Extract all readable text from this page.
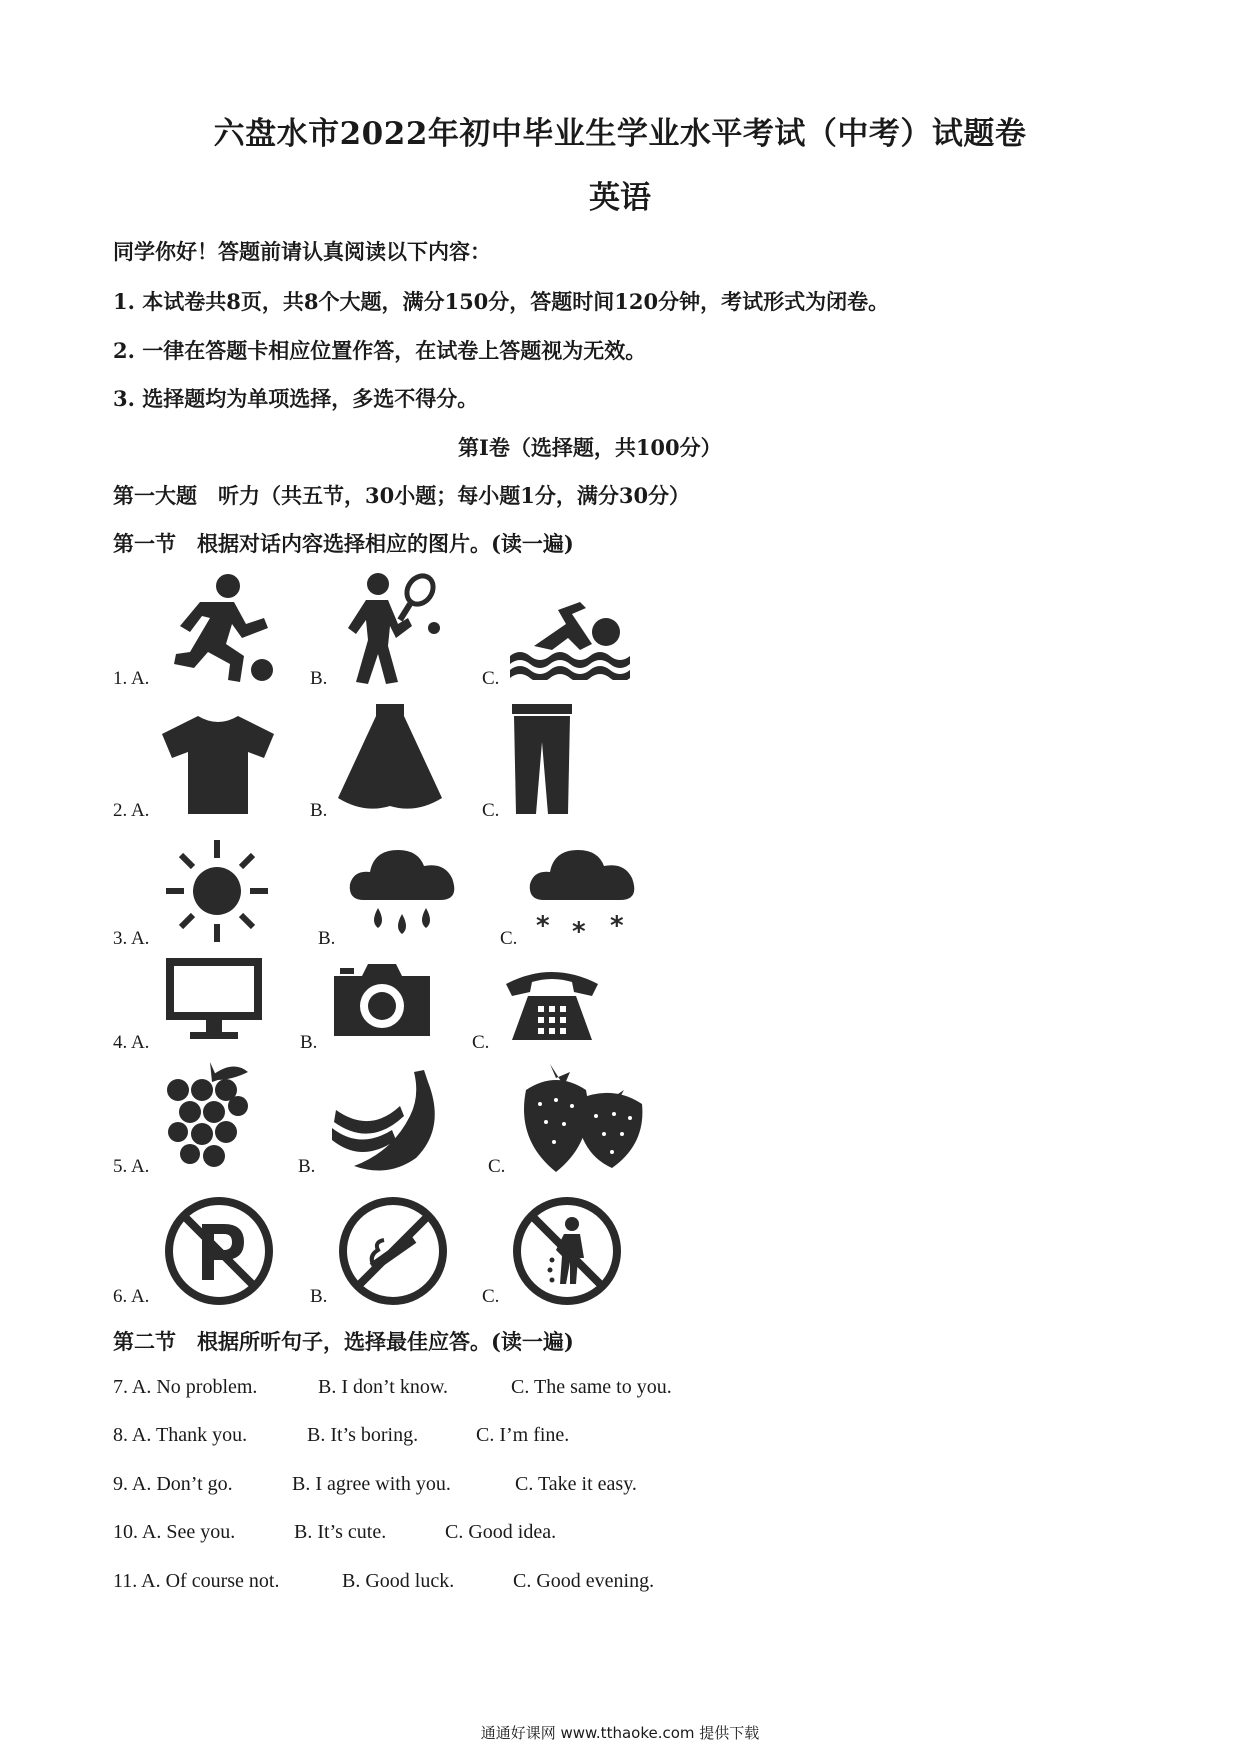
六盘水市2022年初中毕业生学业水平考试（中考）试题卷
英语
同学你好！答题前请认真阅读以下内容：
1. 本试卷共8页，共8个大题，满分150分，答题时间120分钟，考试形式为闭卷。
2. 一律在答题卡相应位置作答，在试卷上答题视为无效。
3. 选择题均为单项选择，多选不得分。
第Ⅰ卷（选择题，共100分）
第一大题　听力（共五节，30小题；每小题1分，满分30分）
第一节　根据对话内容选择相应的图片。(读一遍)
1. A.	B.	C.
2. A.	B.	C.
3. A.	B.	C.
4. A.	B.	C.
5. A.	B.	C.
6. A.	B.	C.
* * *
第二节　根据所听句子，选择最佳应答。(读一遍)
7. A. No problem.	B. I don’t know.	C. The same to you.
8. A. Thank you.	B. It’s boring.	C. I’m fine.
9. A. Don’t go.	B. I agree with you.	C. Take it easy.
10. A. See you.	B. It’s cute.	C. Good idea.
11. A. Of course not.	B. Good luck.	C. Good evening.
通通好课网 www.tthaoke.com 提供下载
